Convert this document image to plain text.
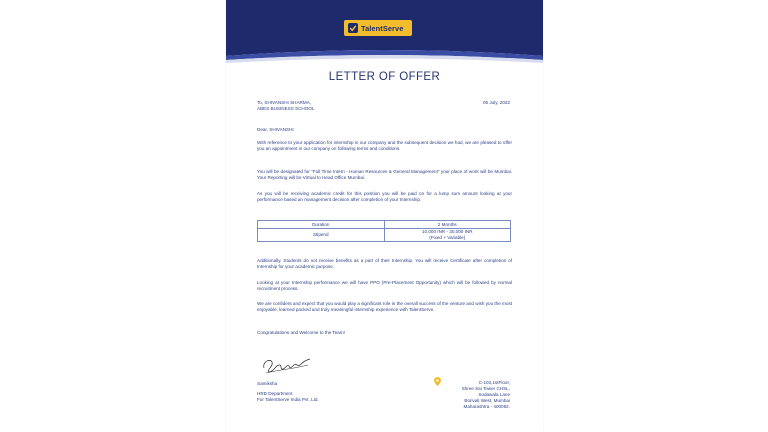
TalentServe
LETTER OF OFFER
To, SHIVANSHI SHARMA,
ABES BUSINESS SCHOOL
05 July, 2022

Dear, SHIVANSHI

With reference to your application for internship in our company and the subsequent decision we had, we are pleased to offer you an appointment in our company on following terms and conditions.

You will be designated for "Full Time Intern - Human Resources & General Management" your place of work will be Mumbai. Your Reporting will be Virtual to Head Office Mumbai.

As you will be receiving academic credit for this position you will be paid on for a lump sum amount looking at your performance based an management decision after completion of your Internship.

Duration	2 Months
Stipend	10,000 INR - 30,000 INR
(Fixed + Variable)

Additionally, Students do not receive benefits as a part of their Internship. You will receive Certificate after completion of Internship for your academic purpose.

Looking at your Internship performance we will have PPO (Pre-Placement Opportunity) which will be followed by normal recruitment process.

We are confident and expect that you would play a significant role in the overall success of the venture and wish you the most enjoyable, learned packed and truly meaningful internship experience with TalentServe.

Congratulations and Welcome to the Team!

Samiksha
HRD Department
For TalentServe India Pvt. Ltd.
C-103,1stFloor,
Shree Sai Tower CHSL,
Sodawala Lane
Borivali West, Mumbai
Maharashtra - 400092.
